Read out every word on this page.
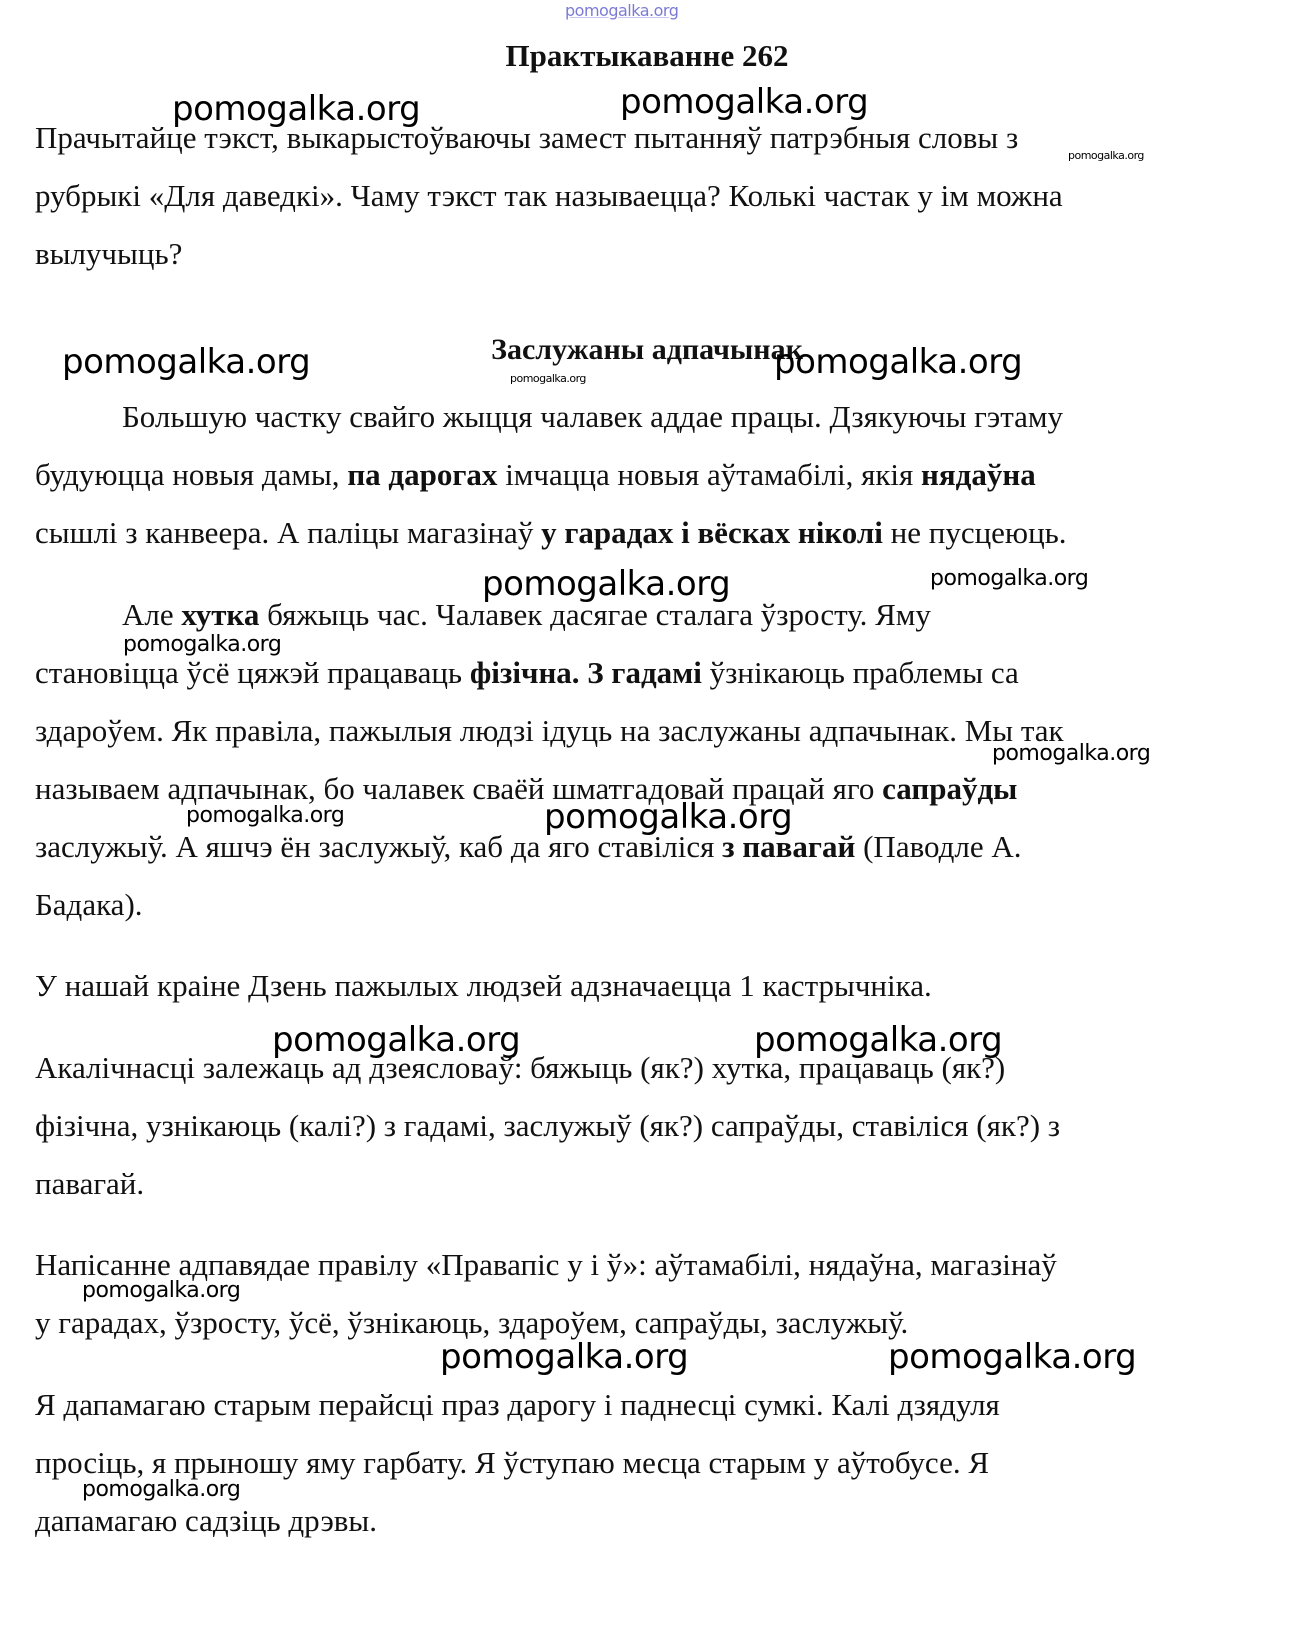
pomogalka.org
Практыкаванне 262

Прачытайце тэкст, выкарыстоўваючы замест пытанняў патрэбныя словы з

рубрыкі «Для даведкі». Чаму тэкст так называецца? Колькі частак у ім можна

вылучыць?

Заслужаны адпачынак

Большую частку свайго жыцця чалавек аддае працы. Дзякуючы гэтаму

будуюцца новыя дамы, па дарогах імчацца новыя аўтамабілі, якія нядаўна

сышлі з канвеера. А паліцы магазінаў у гарадах і вёсках ніколі не пусцеюць.

Але хутка бяжыць час. Чалавек дасягае сталага ўзросту. Яму

становіцца ўсё цяжэй працаваць фізічна. З гадамі ўзнікаюць праблемы са

здароўем. Як правіла, пажылыя людзі ідуць на заслужаны адпачынак. Мы так

называем адпачынак, бо чалавек сваёй шматгадовай працай яго сапраўды

заслужыў. А яшчэ ён заслужыў, каб да яго ставіліся з павагай (Паводле А.

Бадака).

У нашай краіне Дзень пажылых людзей адзначаецца 1 кастрычніка.

Акалічнасці залежаць ад дзеясловаў: бяжыць (як?) хутка, працаваць (як?)

фізічна, узнікаюць (калі?) з гадамі, заслужыў (як?) сапраўды, ставіліся (як?) з

павагай.

Напісанне адпавядае правілу «Правапіс у і ў»: аўтамабілі, нядаўна, магазінаў

у гарадах, ўзросту, ўсё, ўзнікаюць, здароўем, сапраўды, заслужыў.

Я дапамагаю старым перайсці праз дарогу і паднесці сумкі. Калі дзядуля

просіць, я прыношу яму гарбату. Я ўступаю месца старым у аўтобусе. Я

дапамагаю садзіць дрэвы.

pomogalka.org	pomogalka.org
pomogalka.org
pomogalka.org	pomogalka.org	pomogalka.org
pomogalka.org	pomogalka.org
pomogalka.org
pomogalka.org
pomogalka.org	pomogalka.org
pomogalka.org	pomogalka.org
pomogalka.org
pomogalka.org	pomogalka.org
pomogalka.org
